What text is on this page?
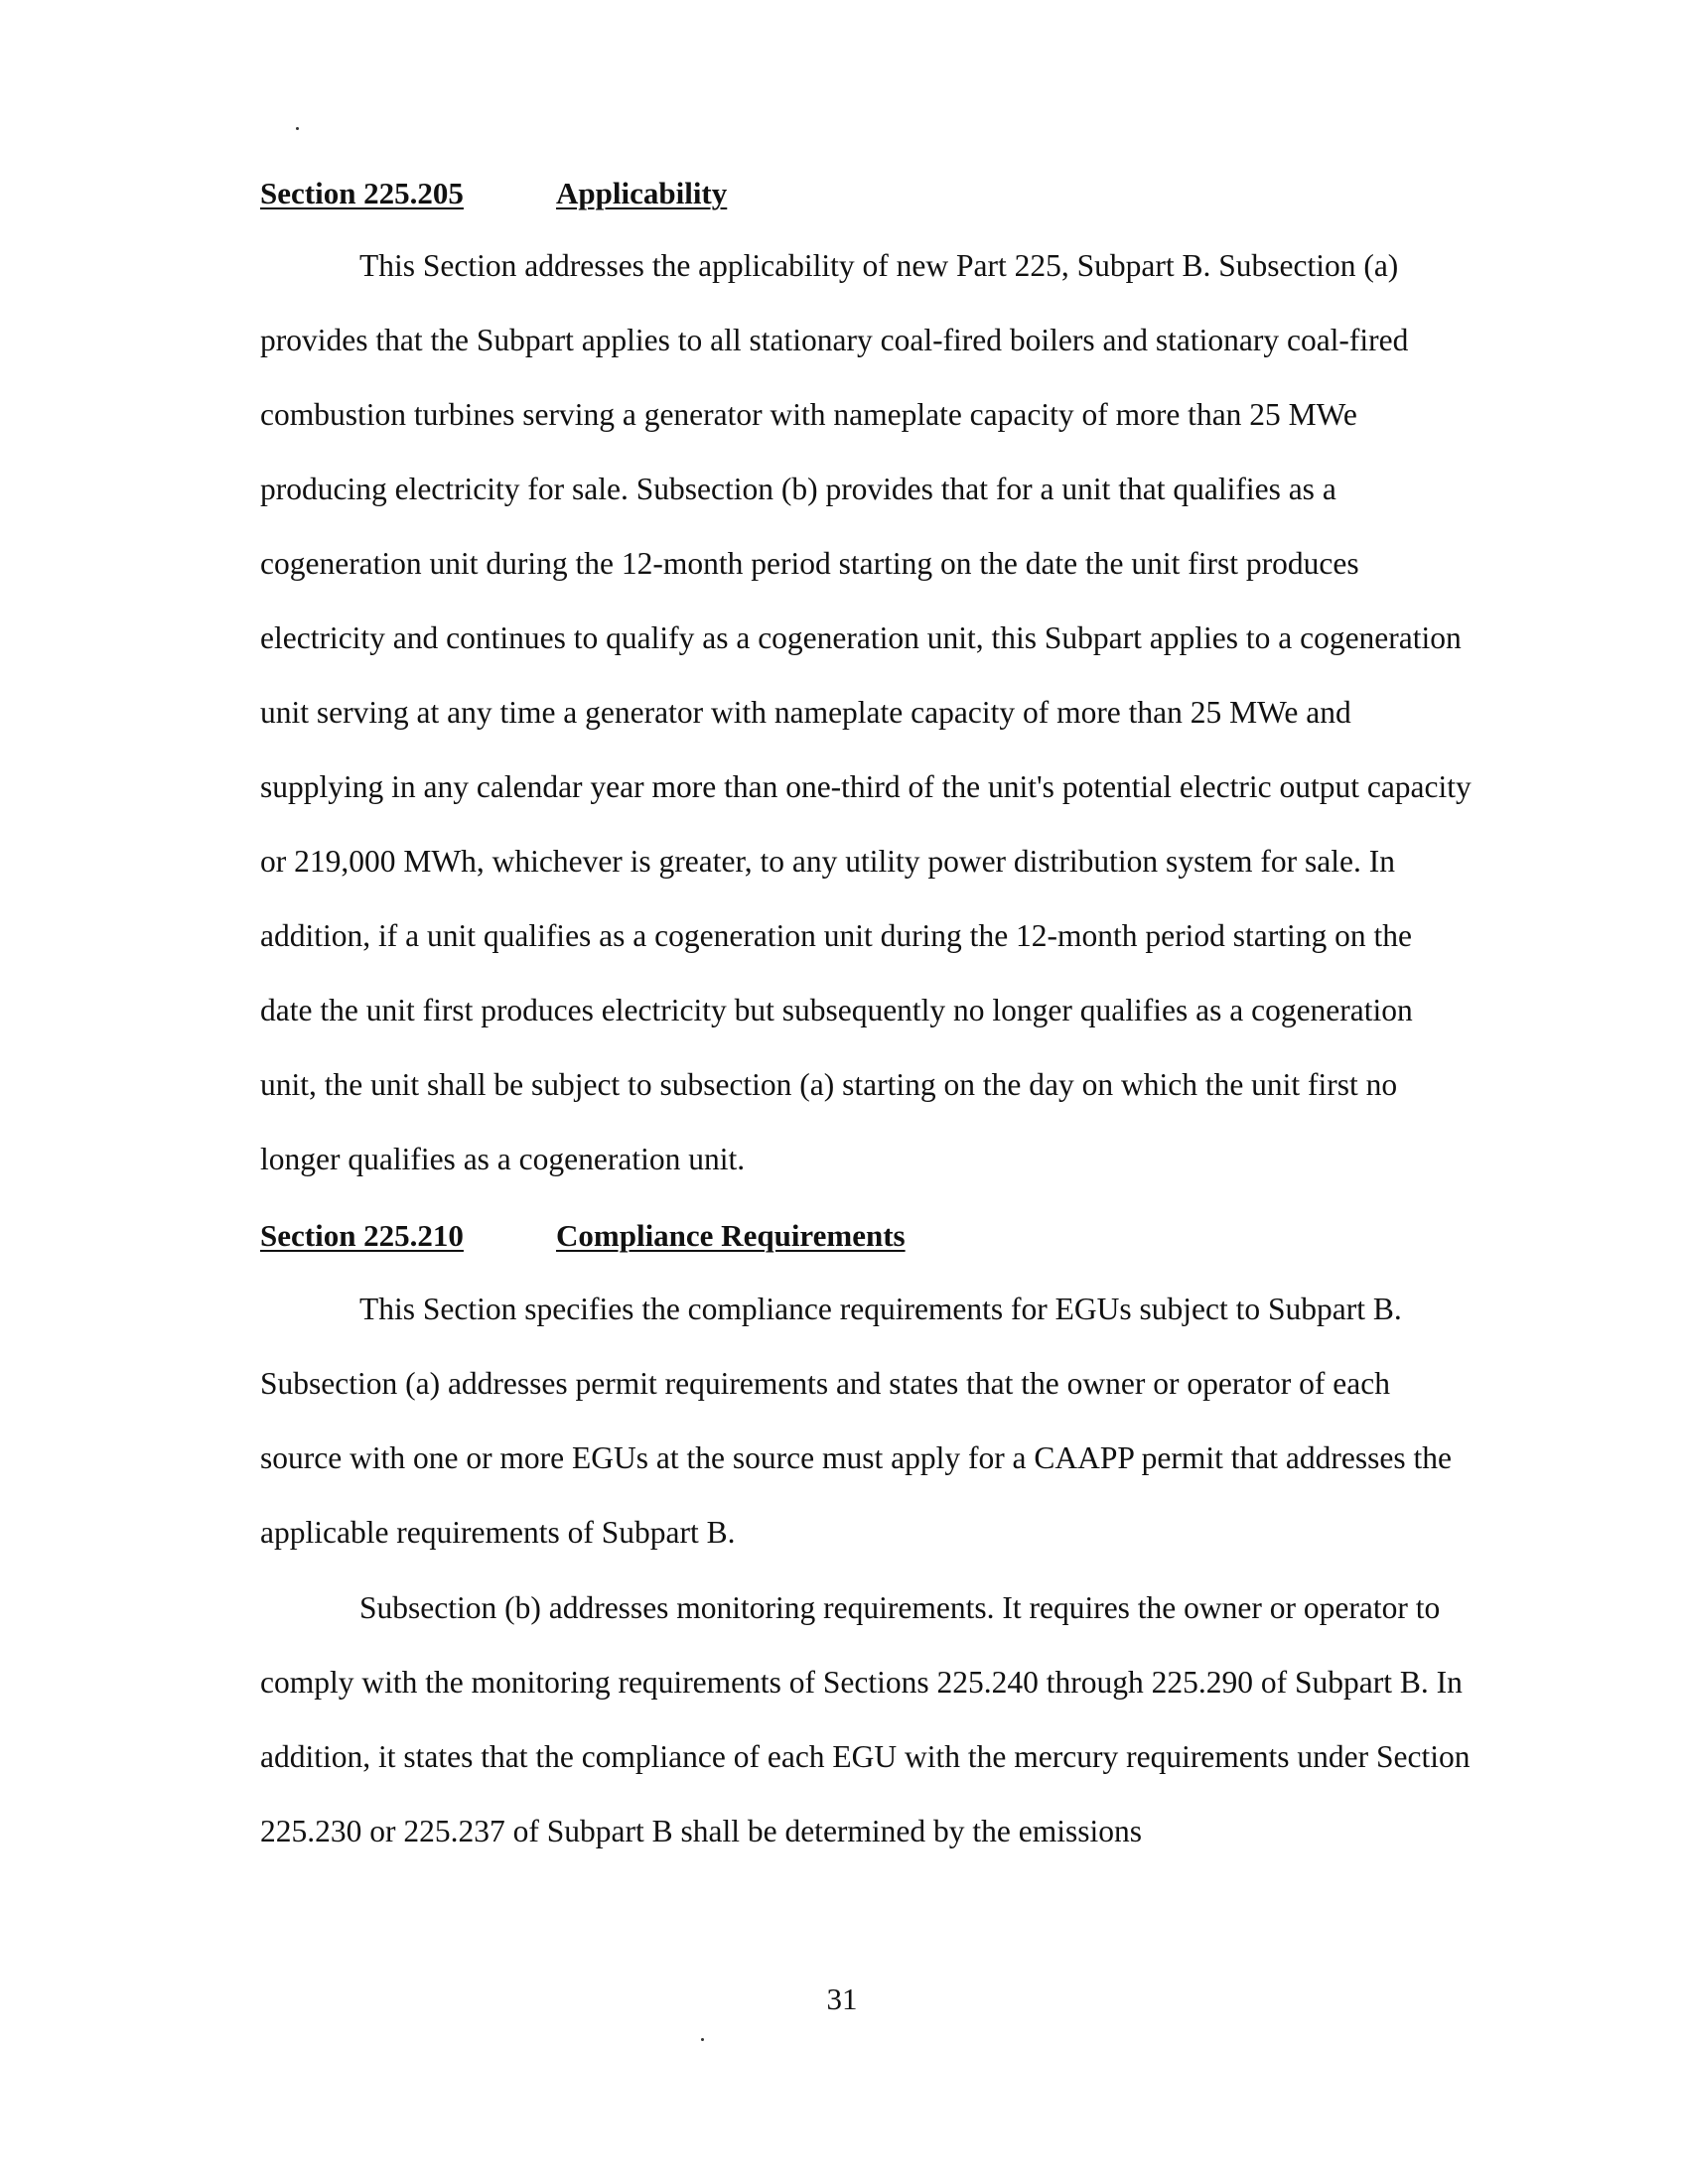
Section 225.205	Applicability

This Section addresses the applicability of new Part 225, Subpart B. Subsection (a) provides that the Subpart applies to all stationary coal-fired boilers and stationary coal-fired combustion turbines serving a generator with nameplate capacity of more than 25 MWe producing electricity for sale. Subsection (b) provides that for a unit that qualifies as a cogeneration unit during the 12-month period starting on the date the unit first produces electricity and continues to qualify as a cogeneration unit, this Subpart applies to a cogeneration unit serving at any time a generator with nameplate capacity of more than 25 MWe and supplying in any calendar year more than one-third of the unit's potential electric output capacity or 219,000 MWh, whichever is greater, to any utility power distribution system for sale. In addition, if a unit qualifies as a cogeneration unit during the 12-month period starting on the date the unit first produces electricity but subsequently no longer qualifies as a cogeneration unit, the unit shall be subject to subsection (a) starting on the day on which the unit first no longer qualifies as a cogeneration unit.

Section 225.210	Compliance Requirements

This Section specifies the compliance requirements for EGUs subject to Subpart B. Subsection (a) addresses permit requirements and states that the owner or operator of each source with one or more EGUs at the source must apply for a CAAPP permit that addresses the applicable requirements of Subpart B.

Subsection (b) addresses monitoring requirements. It requires the owner or operator to comply with the monitoring requirements of Sections 225.240 through 225.290 of Subpart B. In addition, it states that the compliance of each EGU with the mercury requirements under Section 225.230 or 225.237 of Subpart B shall be determined by the emissions

31
